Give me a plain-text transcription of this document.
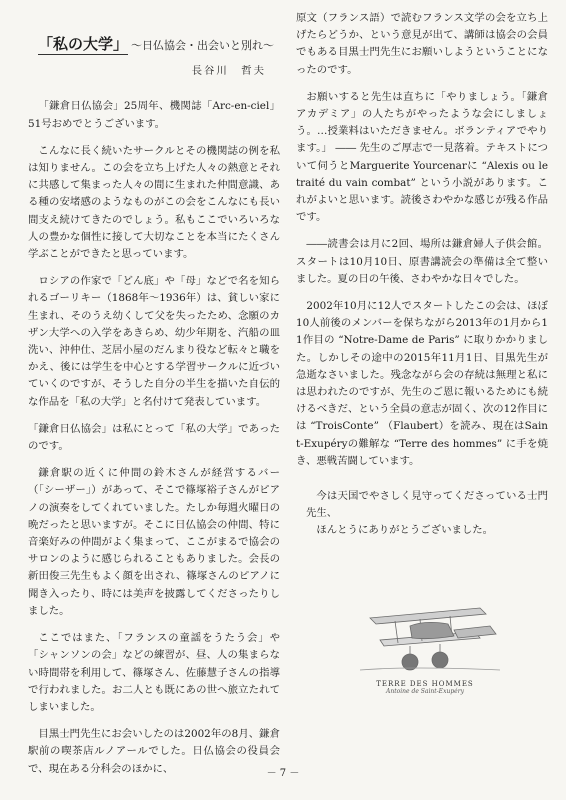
「私の大学」 ～日仏協会・出会いと別れ～
長谷川　哲夫

「鎌倉日仏協会」25周年、機関誌「Arc-en-ciel」51号おめでとうございます。

こんなに長く続いたサークルとその機関誌の例を私は知りません。この会を立ち上げた人々の熱意とそれに共感して集まった人々の間に生まれた仲間意識、ある種の安堵感のようなものがこの会をこんなにも長い間支え続けてきたのでしょう。私もここでいろいろな人の豊かな個性に接して大切なことを本当にたくさん学ぶことができたと思っています。

ロシアの作家で「どん底」や「母」などで名を知られるゴーリキー（1868年～1936年）は、貧しい家に生まれ、そのうえ幼くして父を失ったため、念願のカザン大学への入学をあきらめ、幼少年期を、汽船の皿洗い、沖仲仕、芝居小屋のだんまり役など転々と職をかえ、後には学生を中心とする学習サークルに近づいていくのですが、そうした自分の半生を描いた自伝的な作品を「私の大学」と名付けて発表しています。

「鎌倉日仏協会」は私にとって「私の大学」であったのです。

鎌倉駅の近くに仲間の鈴木さんが経営するバー（「シーザー」）があって、そこで篠塚裕子さんがピアノの演奏をしてくれていました。たしか毎週火曜日の晩だったと思いますが。そこに日仏協会の仲間、特に音楽好みの仲間がよく集まって、ここがまるで協会のサロンのように感じられることもありました。会長の新田俊三先生もよく顔を出され、篠塚さんのピアノに聞き入ったり、時には美声を披露してくださったりしました。

ここではまた、「フランスの童謡をうたう会」や「シャンソンの会」などの練習が、昼、人の集まらない時間帯を利用して、篠塚さん、佐藤慧子さんの指導で行われました。お二人とも既にあの世へ旅立たれてしまいました。

目黒士門先生にお会いしたのは2002年の8月、鎌倉駅前の喫茶店ルノアールでした。日仏協会の役員会で、現在ある分科会のほかに、

原文（フランス語）で読むフランス文学の会を立ち上げたらどうか、という意見が出て、講師は協会の会員でもある目黒士門先生にお願いしようということになったのです。

お願いすると先生は直ちに「やりましょう。「鎌倉アカデミア」の人たちがやったような会にしましょう。…授業料はいただきません。ボランティアでやります。」 ―― 先生のご厚志で一見落着。テキストについて伺うとMarguerite Yourcenarに “Alexis ou le traité du vain combat” という小説があります。これがよいと思います。読後さわやかな感じが残る作品です。

――読書会は月に2回、場所は鎌倉婦人子供会館。スタートは10月10日、原書講読会の準備は全て整いました。夏の日の午後、さわやかな日々でした。

2002年10月に12人でスタートしたこの会は、ほぼ10人前後のメンバーを保ちながら2013年の1月から11作目の “Notre-Dame de Paris” に取りかかりました。しかしその途中の2015年11月1日、目黒先生が急逝なさいました。残念ながら会の存続は無理と私には思われたのですが、先生のご恩に報いるためにも続けるべきだ、という全員の意志が固く、次の12作目には “TroisConte” （Flaubert）を読み、現在はSaint-Exupéryの難解な “Terre des hommes” に手を焼き、悪戦苦闘しています。

今は天国でやさしく見守ってくださっている士門先生、

ほんとうにありがとうございました。

TERRE DES HOMMES
Antoine de Saint-Exupéry
－ 7 －
